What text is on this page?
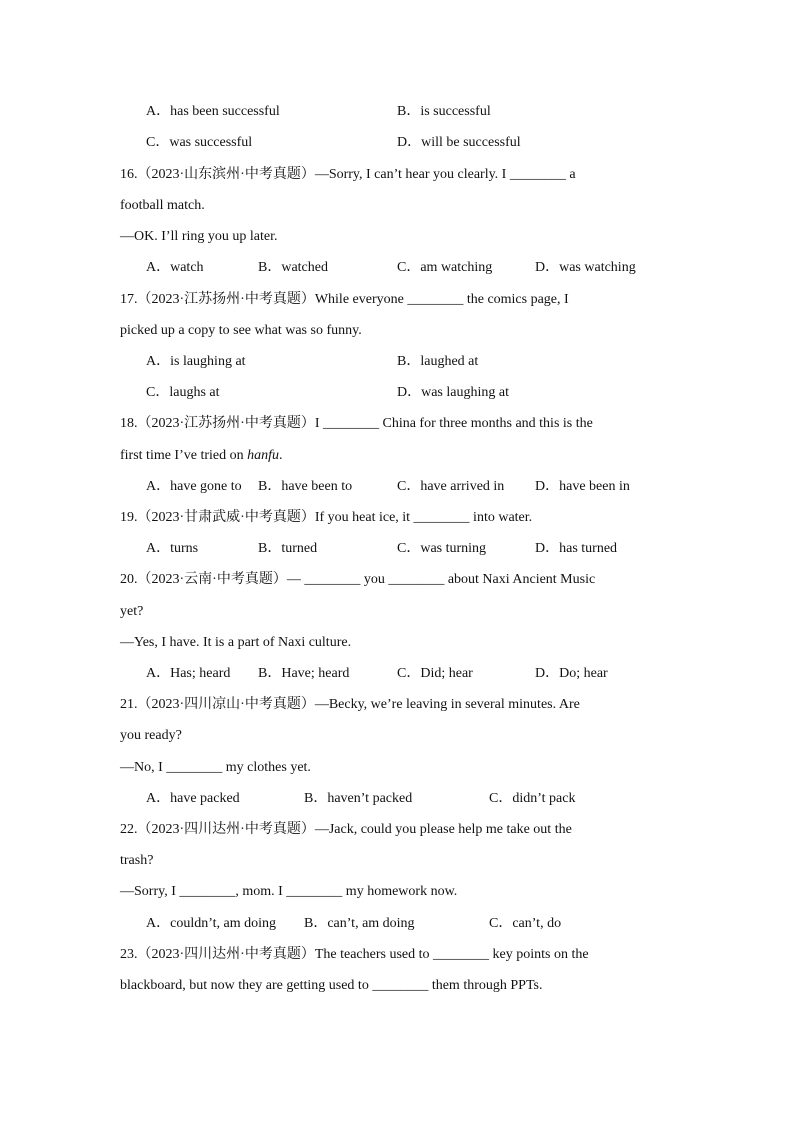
A．has been successful	B．is successful
C．was successful	D．will be successful
16.（2023·山东滨州·中考真题）—Sorry, I can’t hear you clearly. I ________ a
football match.
—OK. I’ll ring you up later.
A．watch	B．watched	C．am watching	D．was watching
17.（2023·江苏扬州·中考真题）While everyone ________ the comics page, I
picked up a copy to see what was so funny.
A．is laughing at	B．laughed at
C．laughs at	D．was laughing at
18.（2023·江苏扬州·中考真题）I ________ China for three months and this is the
first time I’ve tried on hanfu.
A．have gone to B．have been to	C．have arrived in D．have been in
19.（2023·甘肃武威·中考真题）If you heat ice, it ________ into water.
A．turns	B．turned	C．was turning	D．has turned
20.（2023·云南·中考真题）— ________ you ________ about Naxi Ancient Music
yet?
—Yes, I have. It is a part of Naxi culture.
A．Has; heard B．Have; heard	C．Did; hear	D．Do; hear
21.（2023·四川凉山·中考真题）—Becky, we’re leaving in several minutes. Are
you ready?
—No, I ________ my clothes yet.
A．have packed	B．haven’t packed	C．didn’t pack
22.（2023·四川达州·中考真题）—Jack, could you please help me take out the
trash?
—Sorry, I ________, mom. I ________ my homework now.
A．couldn’t, am doing B．can’t, am doing	C．can’t, do
23.（2023·四川达州·中考真题）The teachers used to ________ key points on the
blackboard, but now they are getting used to ________ them through PPTs.
